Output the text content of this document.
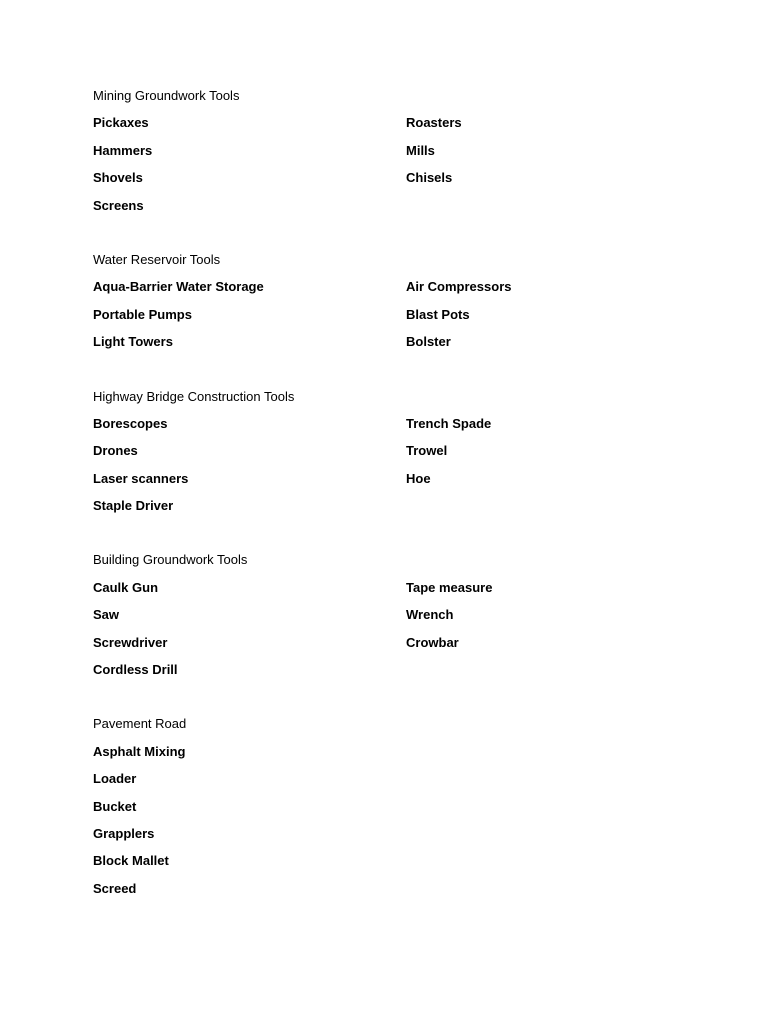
Mining Groundwork Tools
Pickaxes
Hammers
Shovels
Screens
Roasters
Mills
Chisels
Water Reservoir Tools
Aqua-Barrier Water Storage
Portable Pumps
Light Towers
Air Compressors
Blast Pots
Bolster
Highway Bridge Construction Tools
Borescopes
Drones
Laser scanners
Staple Driver
Trench Spade
Trowel
Hoe
Building Groundwork Tools
Caulk Gun
Saw
Screwdriver
Cordless Drill
Tape measure
Wrench
Crowbar
Pavement Road
Asphalt Mixing
Loader
Bucket
Grapplers
Block Mallet
Screed
